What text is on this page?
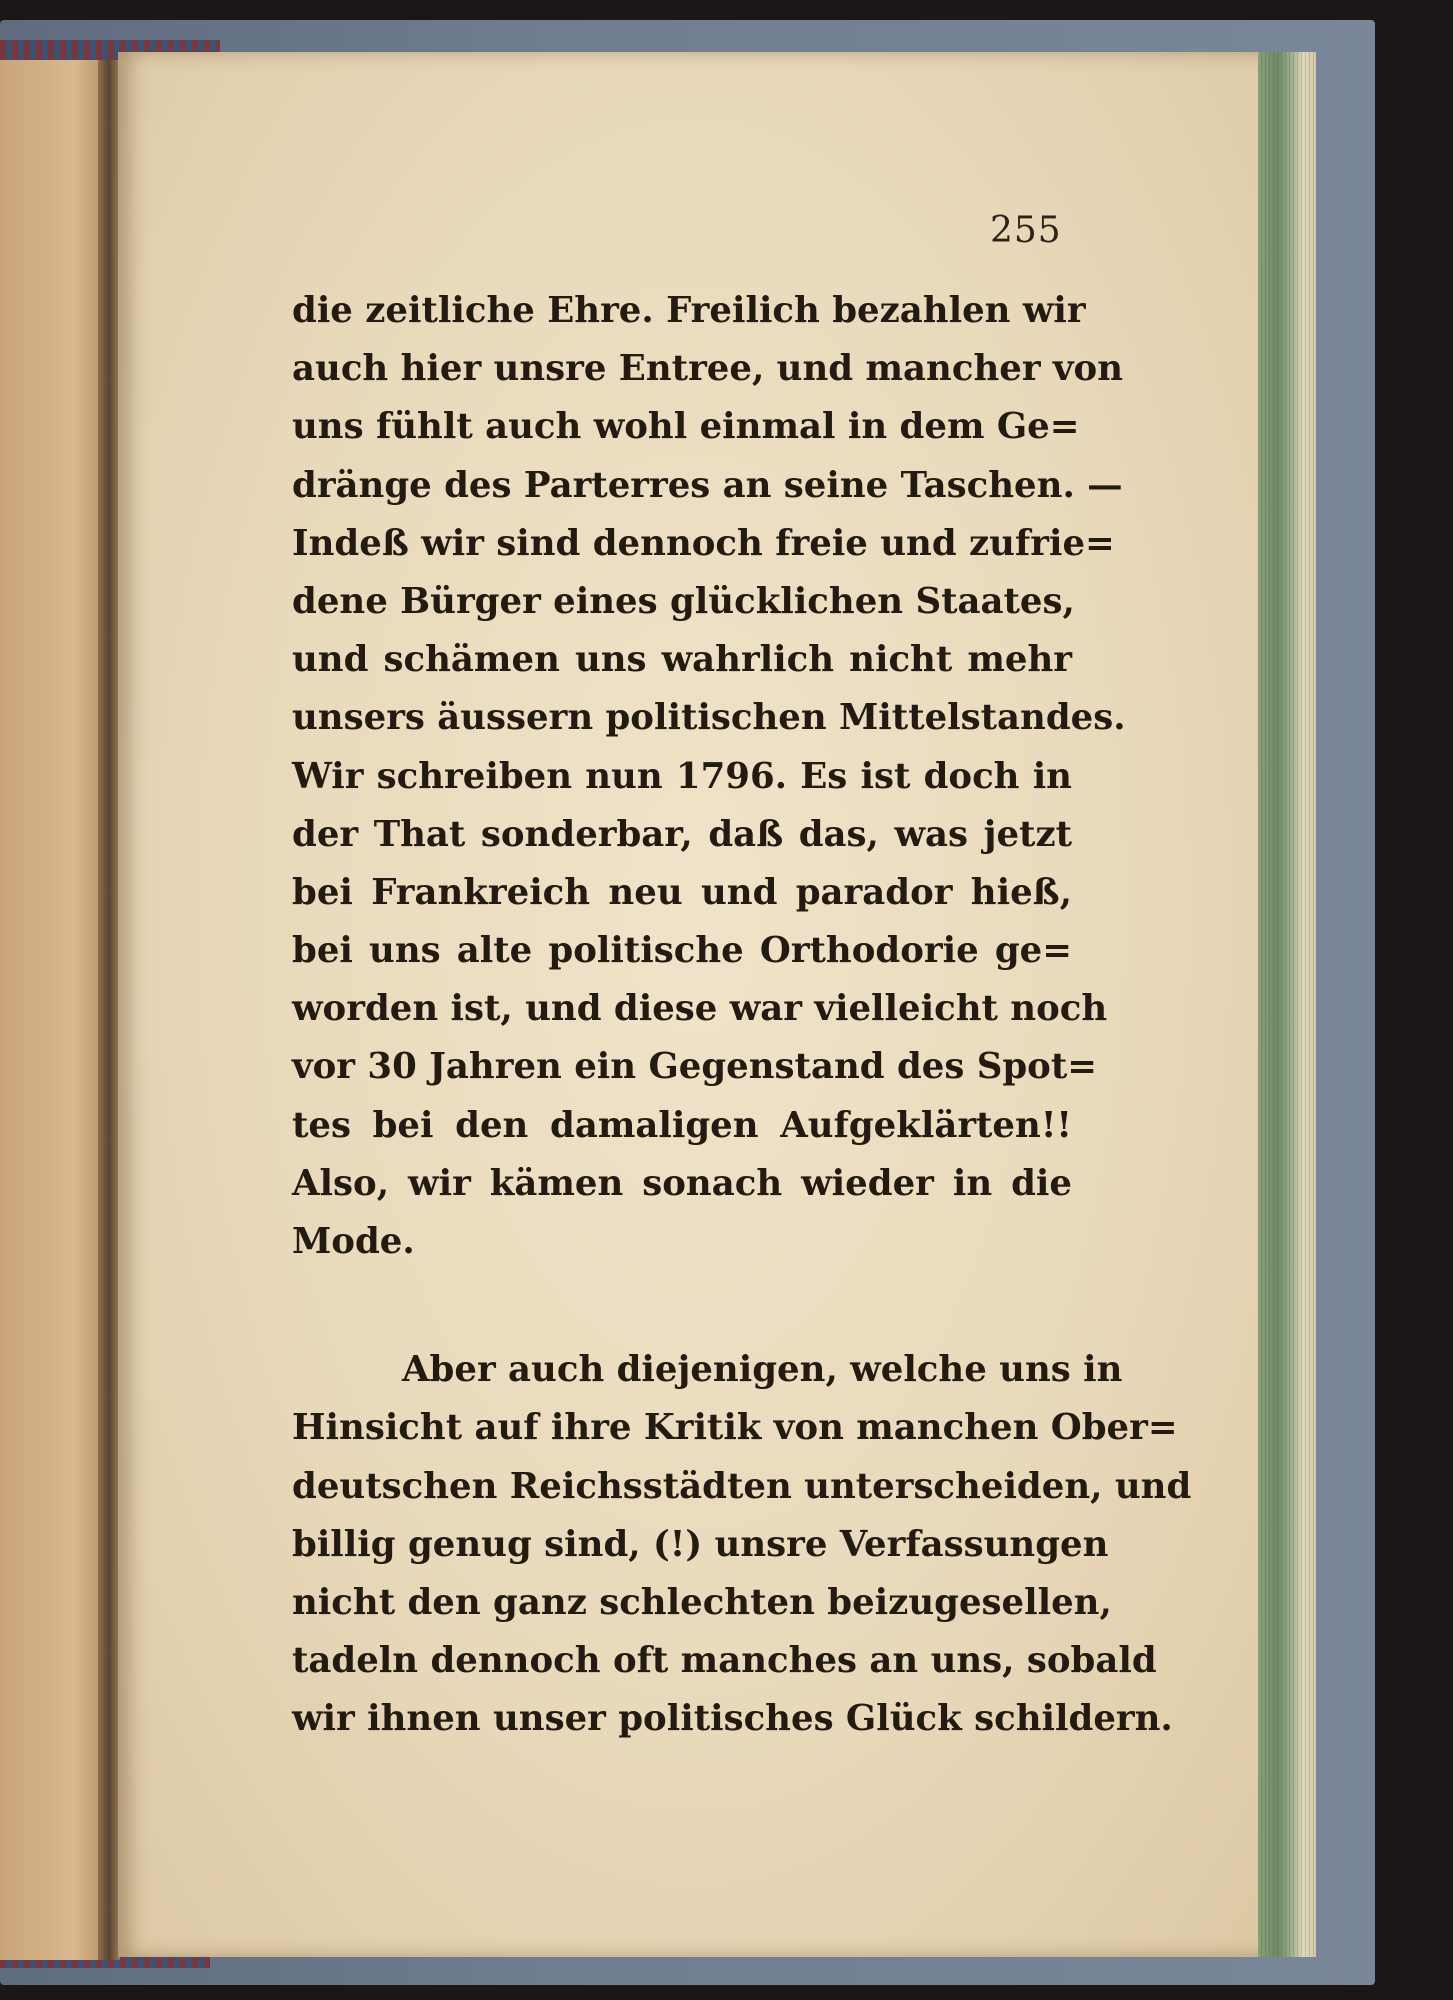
255
die zeitliche Ehre. Freilich bezahlen wir
auch hier unsre Entree, und mancher von
uns fühlt auch wohl einmal in dem Ge=
dränge des Parterres an seine Taschen. —
Indeß wir sind dennoch freie und zufrie=
dene Bürger eines glücklichen Staates,
und schämen uns wahrlich nicht mehr
unsers äussern politischen Mittelstandes.
Wir schreiben nun 1796. Es ist doch in
der That sonderbar, daß das, was jetzt
bei Frankreich neu und parador hieß,
bei uns alte politische Orthodorie ge=
worden ist, und diese war vielleicht noch
vor 30 Jahren ein Gegenstand des Spot=
tes bei den damaligen Aufgeklärten!!
Also, wir kämen sonach wieder in die
Mode.
Aber auch diejenigen, welche uns in
Hinsicht auf ihre Kritik von manchen Ober=
deutschen Reichsstädten unterscheiden, und
billig genug sind, (!) unsre Verfassungen
nicht den ganz schlechten beizugesellen,
tadeln dennoch oft manches an uns, sobald
wir ihnen unser politisches Glück schildern.
